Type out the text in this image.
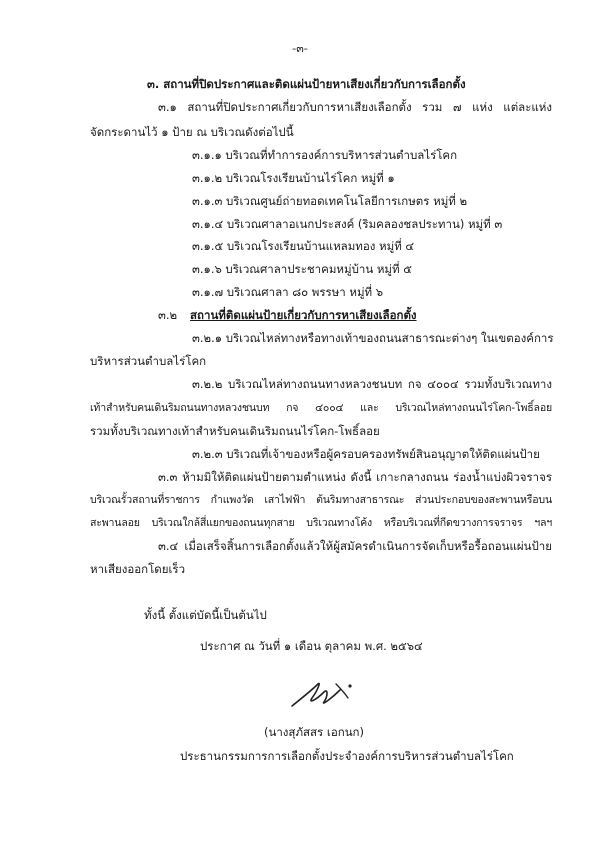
-๓-
๓. สถานที่ปิดประกาศและติดแผ่นป้ายหาเสียงเกี่ยวกับการเลือกตั้ง
๓.๑ สถานที่ปิดประกาศเกี่ยวกับการหาเสียงเลือกตั้ง รวม ๗ แห่ง แต่ละแห่ง
จัดกระดานไว้ ๑ ป้าย ณ บริเวณดังต่อไปนี้
๓.๑.๑ บริเวณที่ทำการองค์การบริหารส่วนตำบลไร่โคก
๓.๑.๒ บริเวณโรงเรียนบ้านไร่โคก หมู่ที่ ๑
๓.๑.๓ บริเวณศูนย์ถ่ายทอดเทคโนโลยีการเกษตร หมู่ที่ ๒
๓.๑.๔ บริเวณศาลาอเนกประสงค์ (ริมคลองชลประทาน) หมู่ที่ ๓
๓.๑.๕ บริเวณโรงเรียนบ้านแหลมทอง หมู่ที่ ๔
๓.๑.๖ บริเวณศาลาประชาคมหมู่บ้าน หมู่ที่ ๕
๓.๑.๗ บริเวณศาลา ๘๐ พรรษา หมู่ที่ ๖
๓.๒ สถานที่ติดแผ่นป้ายเกี่ยวกับการหาเสียงเลือกตั้ง
๓.๒.๑ บริเวณไหล่ทางหรือทางเท้าของถนนสาธารณะต่างๆ ในเขตองค์การ
บริหารส่วนตำบลไร่โคก
๓.๒.๒ บริเวณไหล่ทางถนนทางหลวงชนบท กจ ๔๐๐๔ รวมทั้งบริเวณทาง
เท้าสำหรับคนเดินริมถนนทางหลวงชนบท กจ ๔๐๐๔ และ บริเวณไหล่ทางถนนไร่โคก-โพธิ์ลอย
รวมทั้งบริเวณทางเท้าสำหรับคนเดินริมถนนไร่โคก-โพธิ์ลอย
๓.๒.๓ บริเวณที่เจ้าของหรือผู้ครอบครองทรัพย์สินอนุญาตให้ติดแผ่นป้าย
๓.๓ ห้ามมิให้ติดแผ่นป้ายตามตำแหน่ง ดังนี้ เกาะกลางถนน ร่องน้ำแบ่งผิวจราจร
บริเวณรั้วสถานที่ราชการ กำแพงวัด เสาไฟฟ้า ต้นริมทางสาธารณะ ส่วนประกอบของสะพานหรือบน
สะพานลอย บริเวณใกล้สี่แยกของถนนทุกสาย บริเวณทางโค้ง หรือบริเวณที่กีดขวางการจราจร ฯลฯ
๓.๔ เมื่อเสร็จสิ้นการเลือกตั้งแล้วให้ผู้สมัครดำเนินการจัดเก็บหรือรื้อถอนแผ่นป้าย
หาเสียงออกโดยเร็ว
ทั้งนี้ ตั้งแต่บัดนี้เป็นต้นไป
ประกาศ ณ วันที่ ๑ เดือน ตุลาคม พ.ศ. ๒๕๖๔
(นางสุภัสสร เอกนก)
ประธานกรรมการการเลือกตั้งประจำองค์การบริหารส่วนตำบลไร่โคก
